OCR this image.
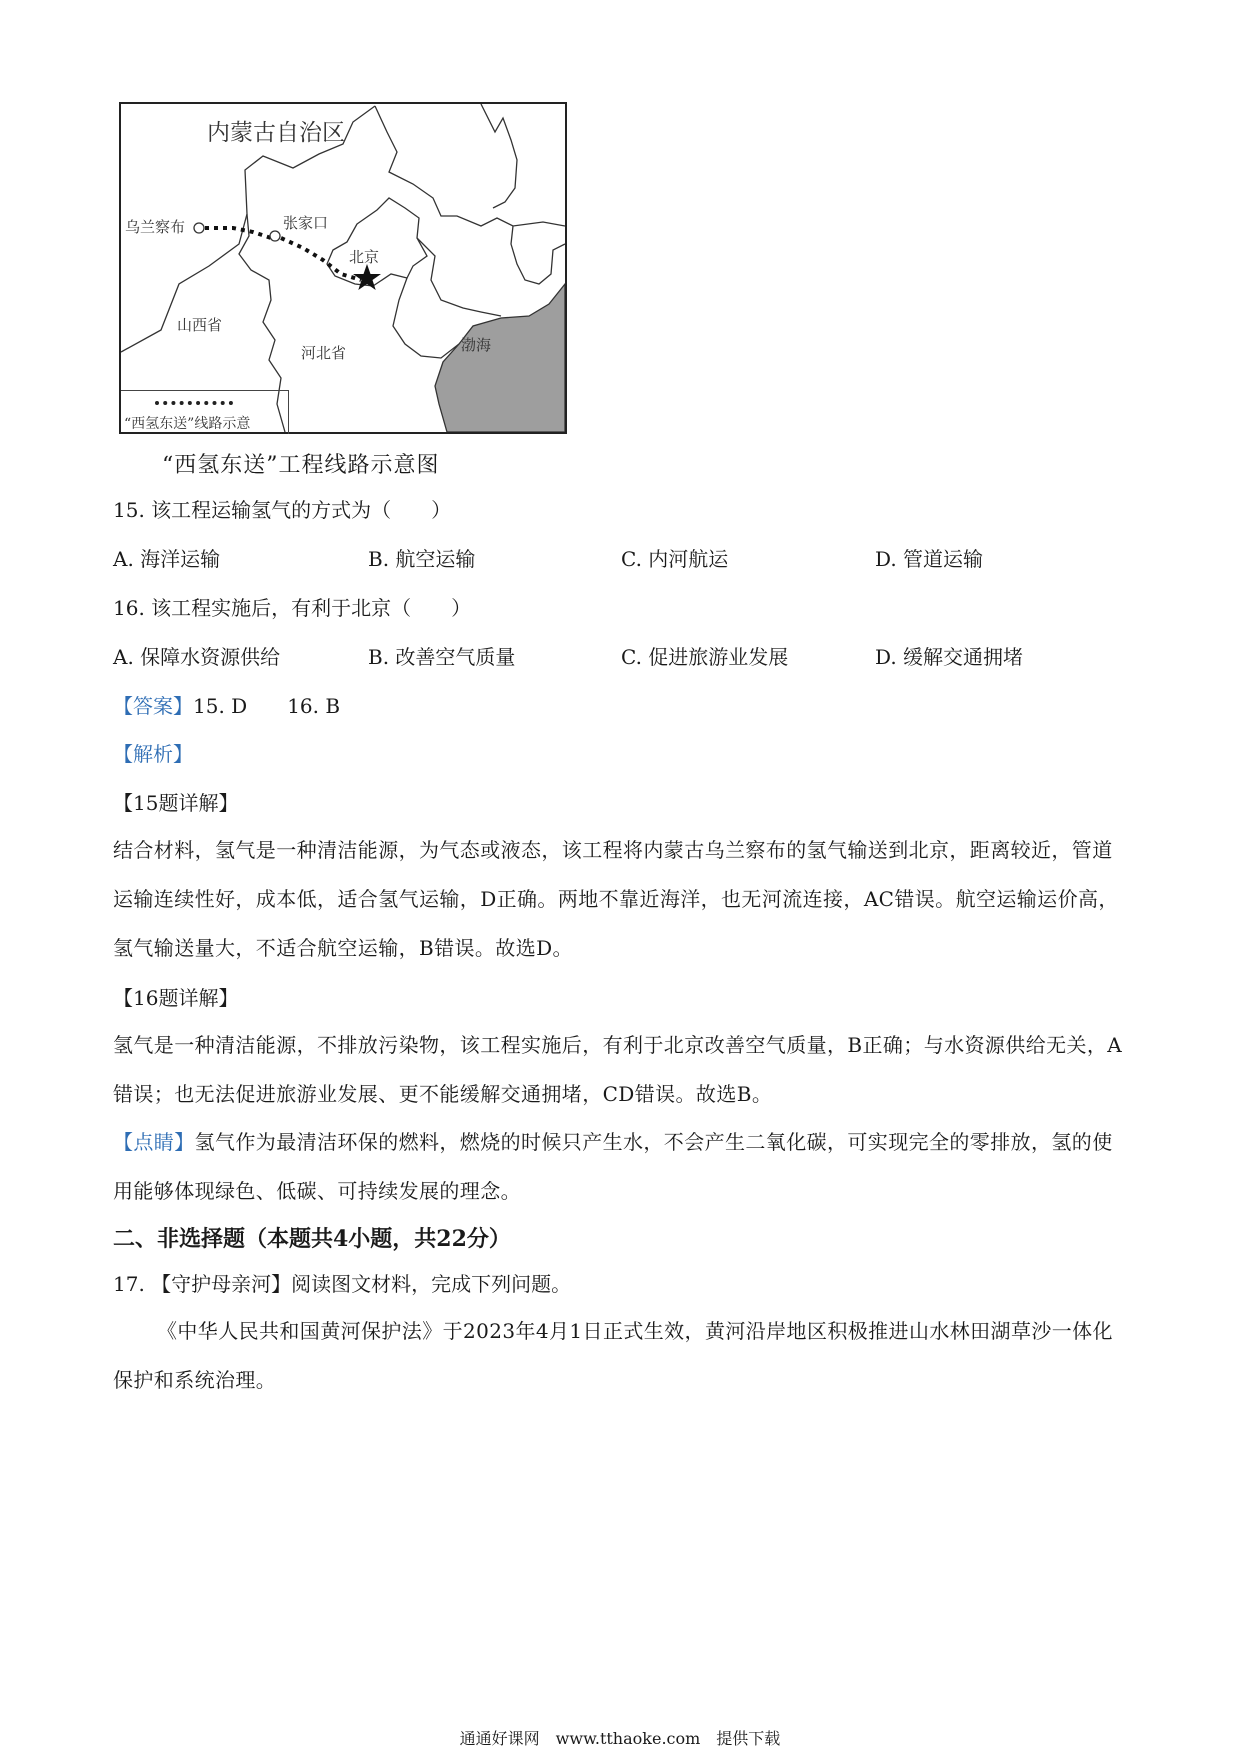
内蒙古自治区
乌兰察布	张家口
北京
山西省
河北省	渤海
“西氢东送”线路示意
“西氢东送”工程线路示意图
15. 该工程运输氢气的方式为（　　）
A. 海洋运输	B. 航空运输	C. 内河航运	D. 管道运输
16. 该工程实施后，有利于北京（　　）
A. 保障水资源供给	B. 改善空气质量	C. 促进旅游业发展	D. 缓解交通拥堵
【答案】15. D　　16. B
【解析】
【15题详解】
结合材料，氢气是一种清洁能源，为气态或液态，该工程将内蒙古乌兰察布的氢气输送到北京，距离较近，管道运输连续性好，成本低，适合氢气运输，D正确。两地不靠近海洋，也无河流连接，AC错误。航空运输运价高，氢气输送量大，不适合航空运输，B错误。故选D。
【16题详解】
氢气是一种清洁能源，不排放污染物，该工程实施后，有利于北京改善空气质量，B正确；与水资源供给无关，A错误；也无法促进旅游业发展、更不能缓解交通拥堵，CD错误。故选B。
【点睛】氢气作为最清洁环保的燃料，燃烧的时候只产生水，不会产生二氧化碳，可实现完全的零排放，氢的使用能够体现绿色、低碳、可持续发展的理念。
二、非选择题（本题共4小题，共22分）
17. 【守护母亲河】阅读图文材料，完成下列问题。
《中华人民共和国黄河保护法》于2023年4月1日正式生效，黄河沿岸地区积极推进山水林田湖草沙一体化保护和系统治理。
通通好课网　www.tthaoke.com　提供下载
